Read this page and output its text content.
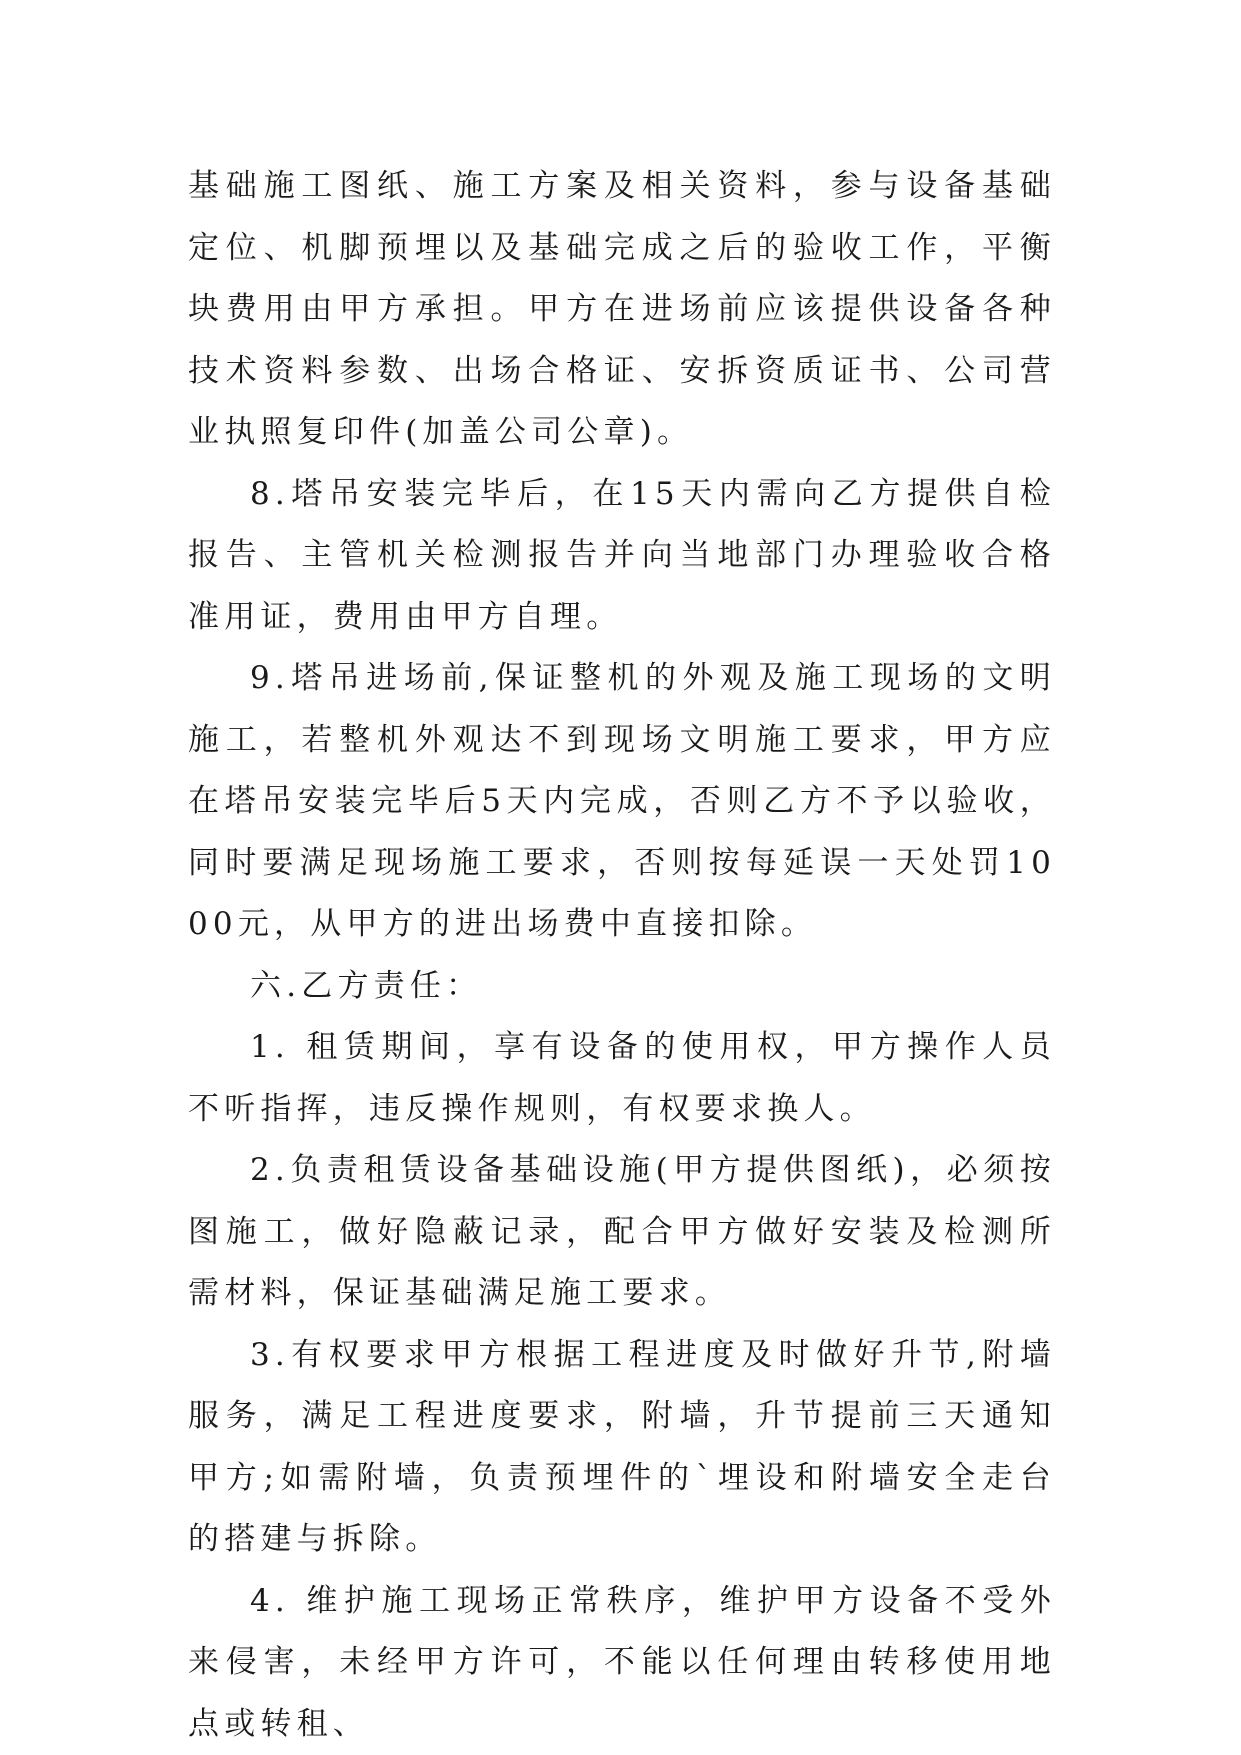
基础施工图纸、施工方案及相关资料，参与设备基础定位、机脚预埋以及基础完成之后的验收工作，平衡块费用由甲方承担。甲方在进场前应该提供设备各种技术资料参数、出场合格证、安拆资质证书、公司营业执照复印件(加盖公司公章)。

8.塔吊安装完毕后，在15天内需向乙方提供自检报告、主管机关检测报告并向当地部门办理验收合格准用证，费用由甲方自理。

9.塔吊进场前,保证整机的外观及施工现场的文明施工，若整机外观达不到现场文明施工要求，甲方应在塔吊安装完毕后5天内完成，否则乙方不予以验收，同时要满足现场施工要求，否则按每延误一天处罚1000元，从甲方的进出场费中直接扣除。

六.乙方责任：

1. 租赁期间，享有设备的使用权，甲方操作人员不听指挥，违反操作规则，有权要求换人。

2.负责租赁设备基础设施(甲方提供图纸)，必须按图施工，做好隐蔽记录，配合甲方做好安装及检测所需材料，保证基础满足施工要求。

3.有权要求甲方根据工程进度及时做好升节,附墙服务，满足工程进度要求，附墙，升节提前三天通知甲方;如需附墙，负责预埋件的`埋设和附墙安全走台的搭建与拆除。

4. 维护施工现场正常秩序，维护甲方设备不受外来侵害，未经甲方许可，不能以任何理由转移使用地点或转租、
